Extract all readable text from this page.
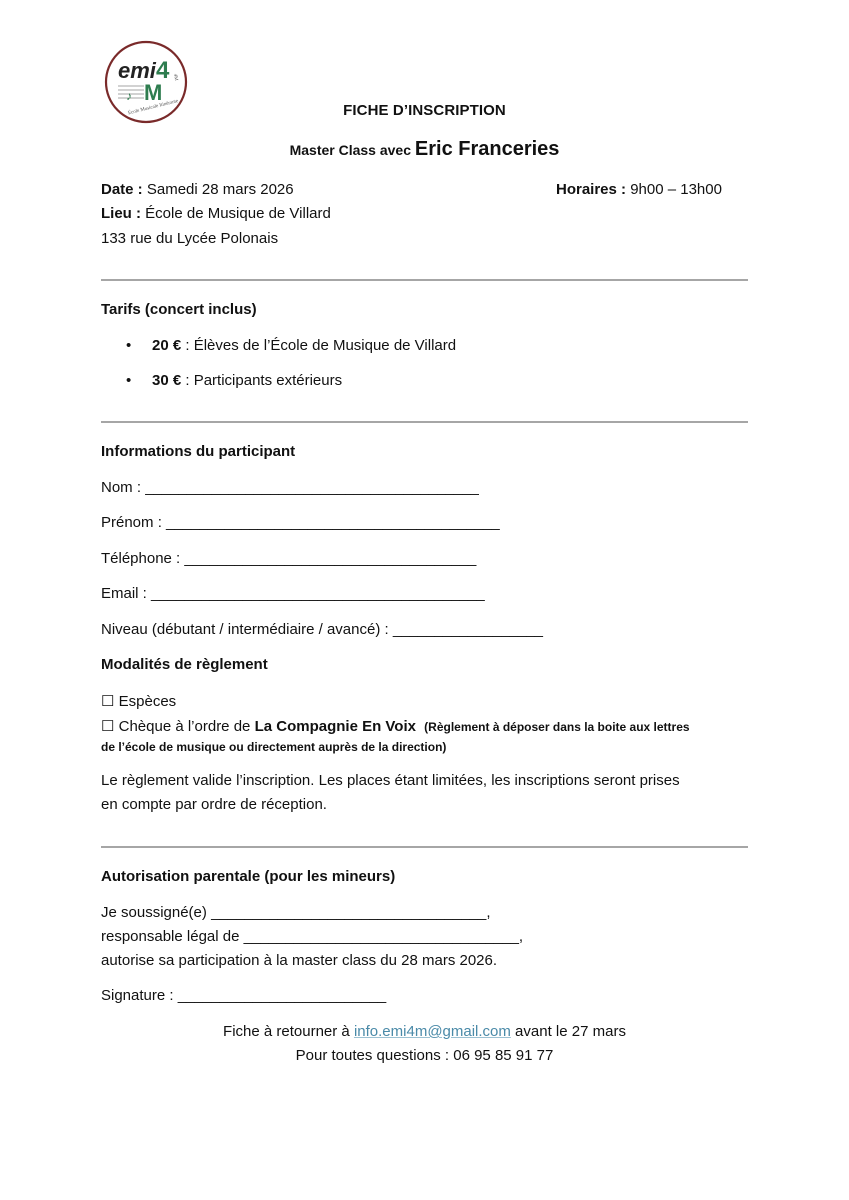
emi 4
♪ M
École Musicale Itinérante
4M
FICHE D’INSCRIPTION
Master Class avec Eric Franceries
Date : Samedi 28 mars 2026	Horaires : 9h00 – 13h00
Lieu : École de Musique de Villard
133 rue du Lycée Polonais
Tarifs (concert inclus)
• 20 € : Élèves de l’École de Musique de Villard
• 30 € : Participants extérieurs
Informations du participant
Nom : ________________________________________
Prénom : ________________________________________
Téléphone : ___________________________________
Email : ________________________________________
Niveau (débutant / intermédiaire / avancé) : __________________
Modalités de règlement
☐ Espèces
☐ Chèque à l’ordre de La Compagnie En Voix (Règlement à déposer dans la boite aux lettres
de l’école de musique ou directement auprès de la direction)
Le règlement valide l’inscription. Les places étant limitées, les inscriptions seront prises
en compte par ordre de réception.
Autorisation parentale (pour les mineurs)
Je soussigné(e) _________________________________,
responsable légal de _________________________________,
autorise sa participation à la master class du 28 mars 2026.
Signature : _________________________
Fiche à retourner à info.emi4m@gmail.com avant le 27 mars
Pour toutes questions : 06 95 85 91 77
